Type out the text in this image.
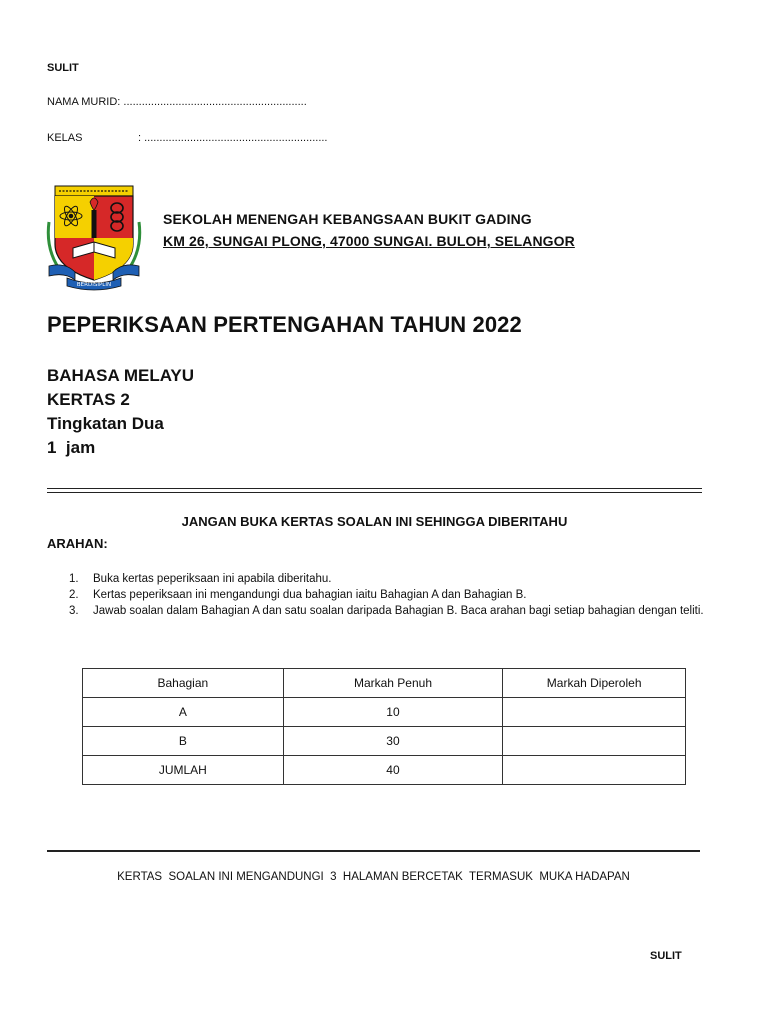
SULIT
NAMA MURID: ............................................................
KELAS	: ............................................................
BERDISIPLIN
SEKOLAH MENENGAH KEBANGSAAN BUKIT GADING
KM 26, SUNGAI PLONG, 47000 SUNGAI. BULOH, SELANGOR
PEPERIKSAAN PERTENGAHAN TAHUN 2022
BAHASA MELAYU
KERTAS 2
Tingkatan Dua
1  jam
JANGAN BUKA KERTAS SOALAN INI SEHINGGA DIBERITAHU
ARAHAN:
1.	Buka kertas peperiksaan ini apabila diberitahu.
2.	Kertas peperiksaan ini mengandungi dua bahagian iaitu Bahagian A dan Bahagian B.
3.	Jawab soalan dalam Bahagian A dan satu soalan daripada Bahagian B. Baca arahan bagi setiap bahagian dengan teliti.
Bahagian	Markah Penuh	Markah Diperoleh
A	10	
B	30	
JUMLAH	40	
KERTAS  SOALAN INI MENGANDUNGI  3  HALAMAN BERCETAK  TERMASUK  MUKA HADAPAN
SULIT
